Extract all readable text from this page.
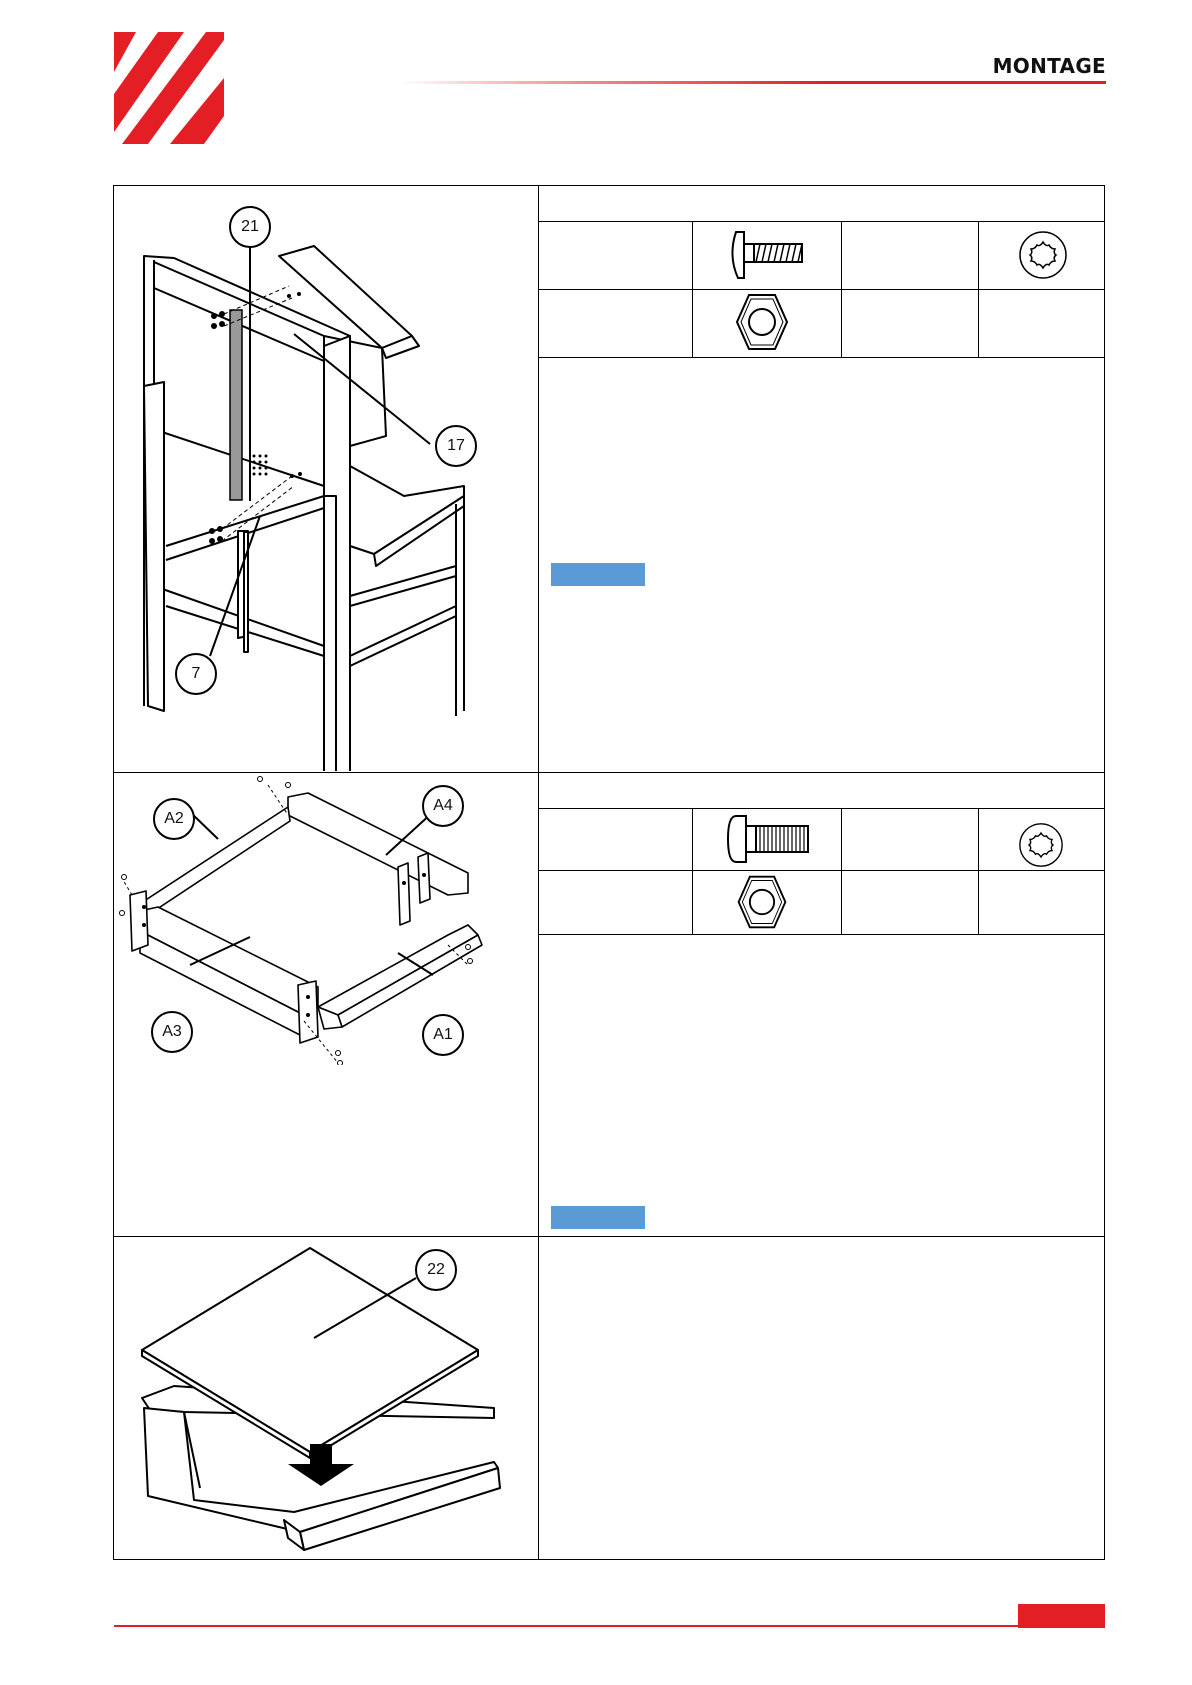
MONTAGE
21
17
7
A2
A4
A3	A1
22
